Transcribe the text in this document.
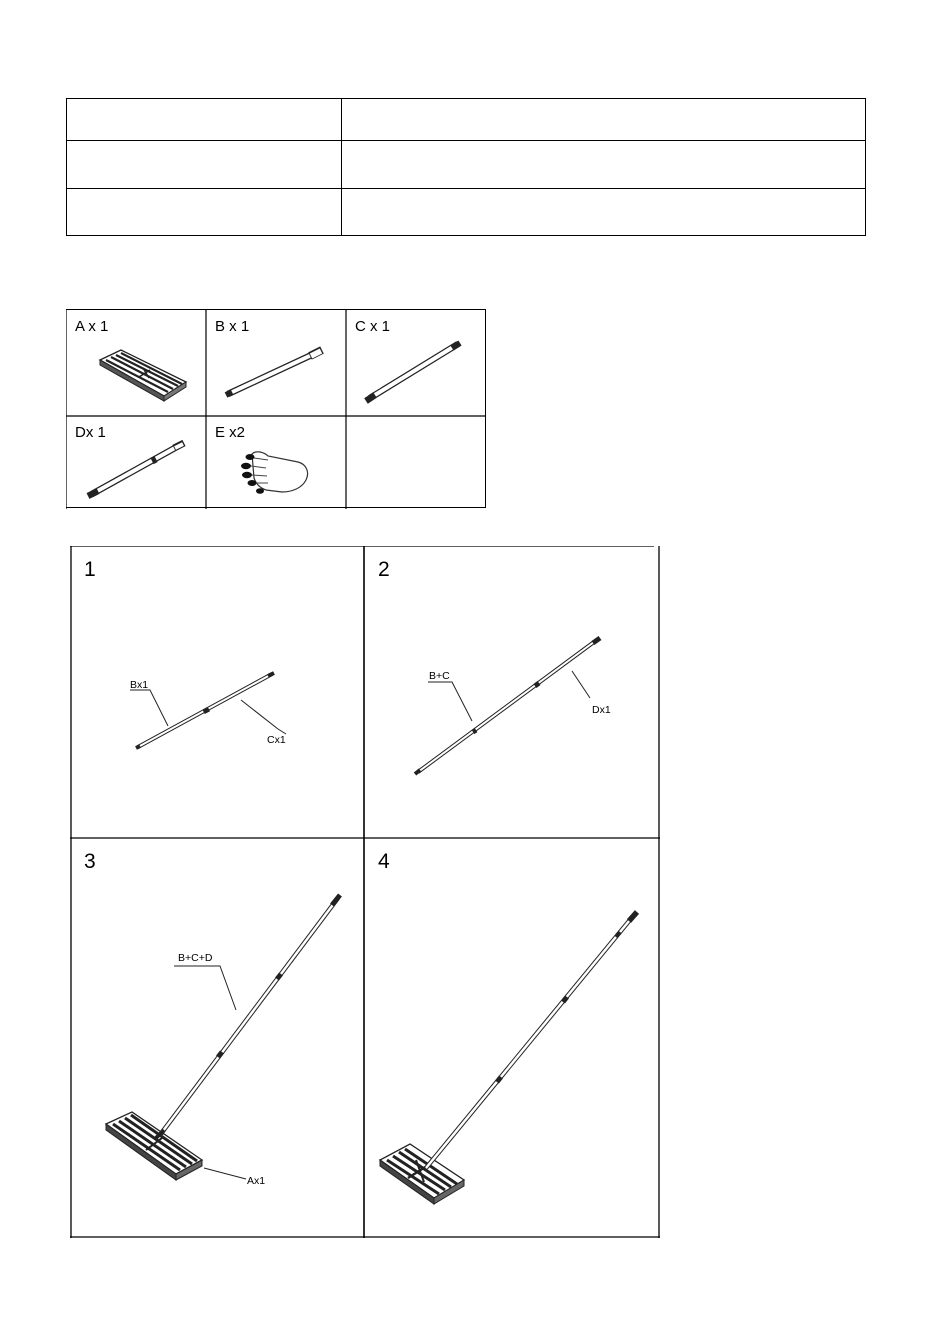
A x 1	B x 1	C x 1
Dx 1	E x2
1
Bx1
Cx1
2
B+C
Dx1
3
B+C+D
Ax1
4
